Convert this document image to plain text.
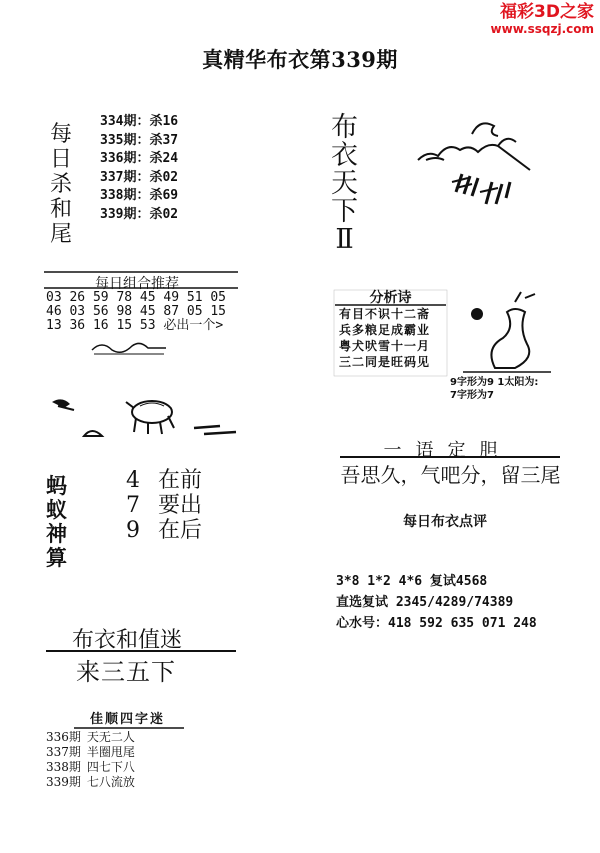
福彩3D之家
www.ssqzj.com
真精华布衣第339期
每
日
杀
和
尾
334期：杀16
335期：杀37
336期：杀24
337期：杀02
338期：杀69
339期：杀02
布
衣
天
下
Ⅱ
每日组合推荐
03 26 59 78 45 49 51 05
46 03 56 98 45 87 05 15
13 36 16 15 53 必出一个>
蚂
蚁
神
算
4 在前
7 要出
9 在后
分析诗
有目不识十二斋
兵多粮足成霸业
粤犬吠雪十一月
三二同是旺码见
9字形为9 1太阳为:
7字形为7
一语定胆
吾思久，气吧分，留三尾
每日布衣点评
3*8 1*2 4*6 复试4568
直选复试 2345/4289/74389
心水号：418 592 635 071 248
布衣和值迷
来三五下
佳顺四字迷
336期 天无二人
337期 半圈甩尾
338期 四七下八
339期 七八流放
